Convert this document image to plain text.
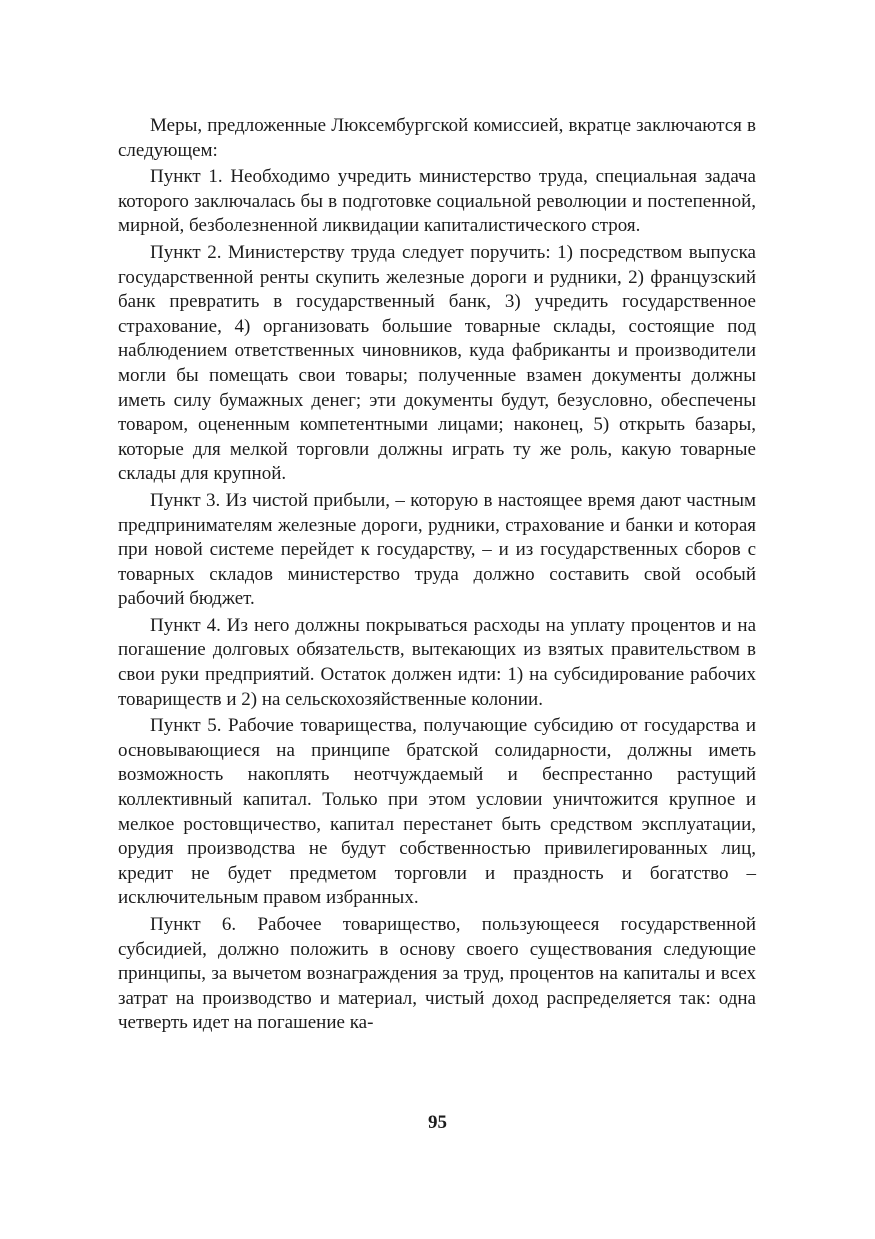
Меры, предложенные Люксембургской комиссией, вкратце заключаются в следующем:

Пункт 1. Необходимо учредить министерство труда, специальная задача которого заключалась бы в подготовке социальной революции и постепенной, мирной, безболезненной ликвидации капиталистического строя.

Пункт 2. Министерству труда следует поручить: 1) посредством выпуска государственной ренты скупить железные дороги и рудники, 2) французский банк превратить в государственный банк, 3) учредить государственное страхование, 4) организовать большие товарные склады, состоящие под наблюдением ответственных чиновников, куда фабриканты и производители могли бы помещать свои товары; полученные взамен документы должны иметь силу бумажных денег; эти документы будут, безусловно, обеспечены товаром, оцененным компетентными лицами; наконец, 5) открыть базары, которые для мелкой торговли должны играть ту же роль, какую товарные склады для крупной.

Пункт 3. Из чистой прибыли, – которую в настоящее время дают частным предпринимателям железные дороги, рудники, страхование и банки и которая при новой системе перейдет к государству, – и из государственных сборов с товарных складов министерство труда должно составить свой особый рабочий бюджет.

Пункт 4. Из него должны покрываться расходы на уплату процентов и на погашение долговых обязательств, вытекающих из взятых правительством в свои руки предприятий. Остаток должен идти: 1) на субсидирование рабочих товариществ и 2) на сельскохозяйственные колонии.

Пункт 5. Рабочие товарищества, получающие субсидию от государства и основывающиеся на принципе братской солидарности, должны иметь возможность накоплять неотчуждаемый и беспрестанно растущий коллективный капитал. Только при этом условии уничтожится крупное и мелкое ростовщичество, капитал перестанет быть средством эксплуатации, орудия производства не будут собственностью привилегированных лиц, кредит не будет предметом торговли и праздность и богатство – исключительным правом избранных.

Пункт 6. Рабочее товарищество, пользующееся государственной субсидией, должно положить в основу своего существования следующие принципы, за вычетом вознаграждения за труд, процентов на капиталы и всех затрат на производство и материал, чистый доход распределяется так: одна четверть идет на погашение ка-

95
